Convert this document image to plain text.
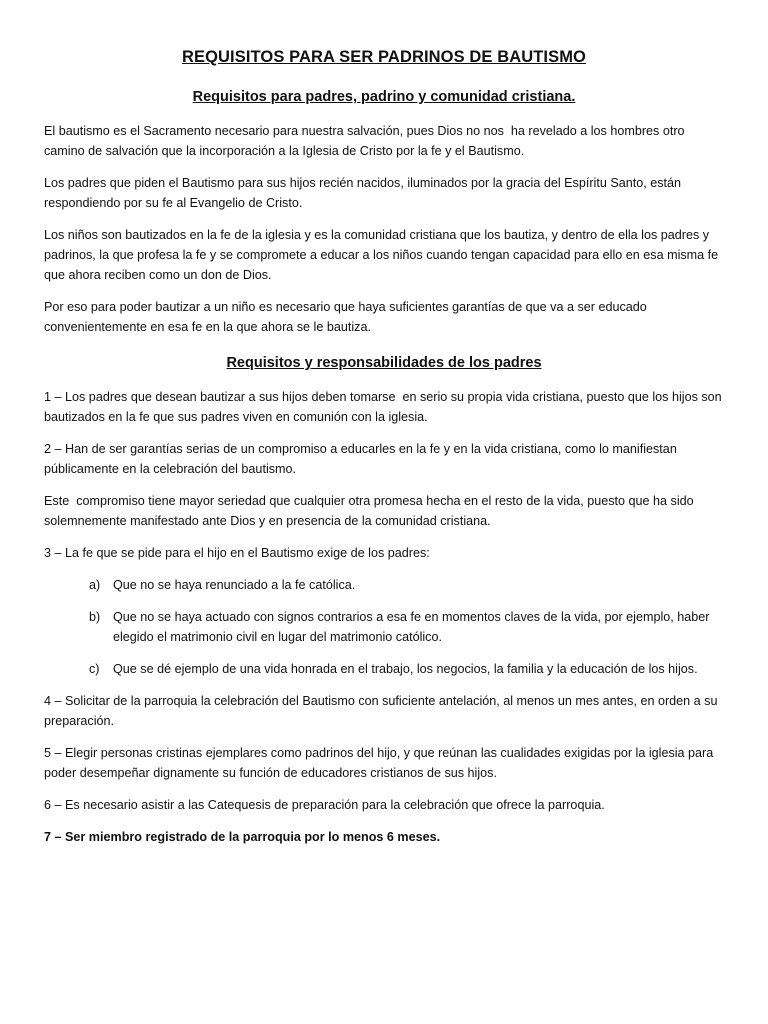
REQUISITOS PARA SER PADRINOS DE BAUTISMO
Requisitos para padres, padrino y comunidad cristiana.

El bautismo es el Sacramento necesario para nuestra salvación, pues Dios no nos  ha revelado a los hombres otro camino de salvación que la incorporación a la Iglesia de Cristo por la fe y el Bautismo.

Los padres que piden el Bautismo para sus hijos recién nacidos, iluminados por la gracia del Espíritu Santo, están respondiendo por su fe al Evangelio de Cristo.

Los niños son bautizados en la fe de la iglesia y es la comunidad cristiana que los bautiza, y dentro de ella los padres y padrinos, la que profesa la fe y se compromete a educar a los niños cuando tengan capacidad para ello en esa misma fe que ahora reciben como un don de Dios.

Por eso para poder bautizar a un niño es necesario que haya suficientes garantías de que va a ser educado convenientemente en esa fe en la que ahora se le bautiza.

Requisitos y responsabilidades de los padres

1 – Los padres que desean bautizar a sus hijos deben tomarse  en serio su propia vida cristiana, puesto que los hijos son bautizados en la fe que sus padres viven en comunión con la iglesia.

2 – Han de ser garantías serias de un compromiso a educarles en la fe y en la vida cristiana, como lo manifiestan públicamente en la celebración del bautismo.

Este  compromiso tiene mayor seriedad que cualquier otra promesa hecha en el resto de la vida, puesto que ha sido solemnemente manifestado ante Dios y en presencia de la comunidad cristiana.

3 – La fe que se pide para el hijo en el Bautismo exige de los padres:

a)	Que no se haya renunciado a la fe católica.
b)	Que no se haya actuado con signos contrarios a esa fe en momentos claves de la vida, por ejemplo, haber elegido el matrimonio civil en lugar del matrimonio católico.
c)	Que se dé ejemplo de una vida honrada en el trabajo, los negocios, la familia y la educación de los hijos.

4 – Solicitar de la parroquia la celebración del Bautismo con suficiente antelación, al menos un mes antes, en orden a su preparación.

5 – Elegir personas cristinas ejemplares como padrinos del hijo, y que reúnan las cualidades exigidas por la iglesia para poder desempeñar dignamente su función de educadores cristianos de sus hijos.

6 – Es necesario asistir a las Catequesis de preparación para la celebración que ofrece la parroquia.

7 – Ser miembro registrado de la parroquia por lo menos 6 meses.
